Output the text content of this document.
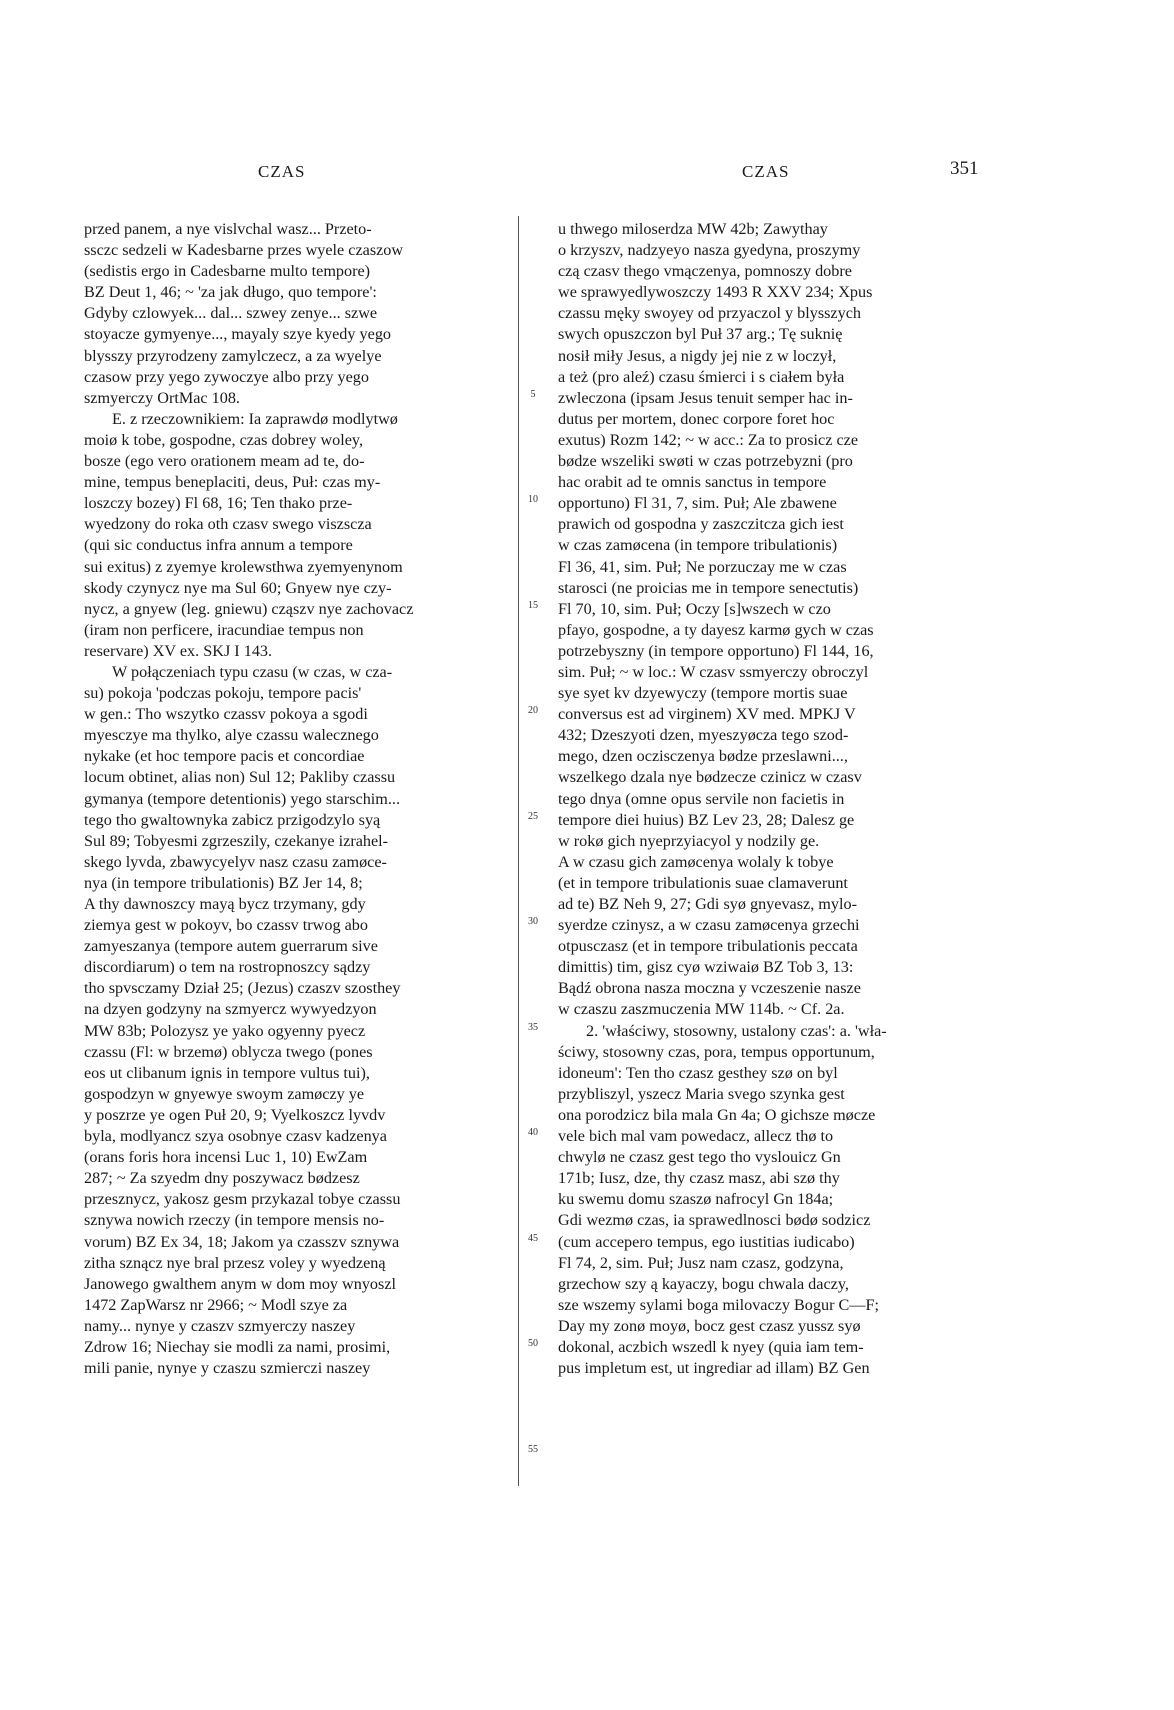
CZAS	CZAS	351

przed panem, a nye vislvchal wasz... Przeto-
ssczc sedzeli w Kadesbarne przes wyele czaszow
(sedistis ergo in Cadesbarne multo tempore)
BZ Deut 1, 46; ~ 'za jak długo, quo tempore':
Gdyby czlowyek... dal... szwey zenye... szwe
stoyacze gymyenye..., mayaly szye kyedy yego
blysszy przyrodzeny zamylczecz, a za wyelye
czasow przy yego zywoczye albo przy yego
szmyerczy OrtMac 108.

E. z rzeczownikiem: Ia zaprawdø modlytwø
moiø k tobe, gospodne, czas dobrey woley,
bosze (ego vero orationem meam ad te, do-
mine, tempus beneplaciti, deus, Puł: czas my-
loszczy bozey) Fl 68, 16; Ten thako prze-
wyedzony do roka oth czasv swego viszscza
(qui sic conductus infra annum a tempore
sui exitus) z zyemye krolewsthwa zyemyenynom
skody czynycz nye ma Sul 60; Gnyew nye czy-
nycz, a gnyew (leg. gniewu) cząszv nye zachovacz
(iram non perficere, iracundiae tempus non
reservare) XV ex. SKJ I 143.

W połączeniach typu czasu (w czas, w cza-
su) pokoja 'podczas pokoju, tempore pacis'
w gen.: Tho wszytko czassv pokoya a sgodi
myesczye ma thylko, alye czassu walecznego
nykake (et hoc tempore pacis et concordiae
locum obtinet, alias non) Sul 12; Pakliby czassu
gymanya (tempore detentionis) yego starschim...
tego tho gwaltownyka zabicz przigodzylo syą
Sul 89; Tobyesmi zgrzeszily, czekanye izrahel-
skego lyvda, zbawycyelyv nasz czasu zamøce-
nya (in tempore tribulationis) BZ Jer 14, 8;
A thy dawnoszcy mayą bycz trzymany, gdy
ziemya gest w pokoyv, bo czassv trwog abo
zamyeszanya (tempore autem guerrarum sive
discordiarum) o tem na rostropnoszcy sądzy
tho spvsczamy Dział 25; (Jezus) czaszv szosthey
na dzyen godzyny na szmyercz wywyedzyon
MW 83b; Polozysz ye yako ogyenny pyecz
czassu (Fl: w brzemø) oblycza twego (pones
eos ut clibanum ignis in tempore vultus tui),
gospodzyn w gnyewye swoym zamøczy ye
y poszrze ye ogen Puł 20, 9; Vyelkoszcz lyvdv
byla, modlyancz szya osobnye czasv kadzenya
(orans foris hora incensi Luc 1, 10) EwZam
287; ~ Za szyedm dny poszywacz bødzesz
przesznycz, yakosz gesm przykazal tobye czassu
sznywa nowich rzeczy (in tempore mensis no-
vorum) BZ Ex 34, 18; Jakom ya czasszv sznywa
zitha sznącz nye bral przesz voley y wyedzeną
Janowego gwalthem anym w dom moy wnyoszl
1472 ZapWarsz nr 2966; ~ Modl szye za
namy... nynye y czaszv szmyerczy naszey
Zdrow 16; Niechay sie modli za nami, prosimi,
mili panie, nynye y czaszu szmierczi naszey

5
10
15
20
25
30
35
40
45
50
55

u thwego miloserdza MW 42b; Zawythay
o krzyszv, nadzyeyo nasza gyedyna, proszymy
czą czasv thego vmączenya, pomnoszy dobre
we sprawyedlywoszczy 1493 R XXV 234; Xpus
czassu męky swoyey od przyaczol y blysszych
swych opuszczon byl Puł 37 arg.; Tę suknię
nosił miły Jesus, a nigdy jej nie z w loczył,
a też (pro aleź) czasu śmierci i s ciałem była
zwleczona (ipsam Jesus tenuit semper hac in-
dutus per mortem, donec corpore foret hoc
exutus) Rozm 142; ~ w acc.: Za to prosicz cze
bødze wszeliki swøti w czas potrzebyzni (pro
hac orabit ad te omnis sanctus in tempore
opportuno) Fl 31, 7, sim. Puł; Ale zbawene
prawich od gospodna y zaszczitcza gich iest
w czas zamøcena (in tempore tribulationis)
Fl 36, 41, sim. Puł; Ne porzuczay me w czas
starosci (ne proicias me in tempore senectutis)
Fl 70, 10, sim. Puł; Oczy [s]wszech w czo
pfayo, gospodne, a ty dayesz karmø gych w czas
potrzebyszny (in tempore opportuno) Fl 144, 16,
sim. Puł; ~ w loc.: W czasv ssmyerczy obroczyl
sye syet kv dzyewyczy (tempore mortis suae
conversus est ad virginem) XV med. MPKJ V
432; Dzeszyoti dzen, myeszyøcza tego szod-
mego, dzen oczisczenya bødze przeslawni...,
wszelkego dzala nye bødzecze czinicz w czasv
tego dnya (omne opus servile non facietis in
tempore diei huius) BZ Lev 23, 28; Dalesz ge
w rokø gich nyeprzyiacyol y nodzily ge.
A w czasu gich zamøcenya wolaly k tobye
(et in tempore tribulationis suae clamaverunt
ad te) BZ Neh 9, 27; Gdi syø gnyevasz, mylo-
syerdze czinysz, a w czasu zamøcenya grzechi
otpusczasz (et in tempore tribulationis peccata
dimittis) tim, gisz cyø wziwaiø BZ Tob 3, 13:
Bądź obrona nasza moczna y vczeszenie nasze
w czaszu zaszmuczenia MW 114b. ~ Cf. 2a.

2. 'właściwy, stosowny, ustalony czas': a. 'wła-
ściwy, stosowny czas, pora, tempus opportunum,
idoneum': Ten tho czasz gesthey szø on byl
przybliszyl, yszecz Maria svego szynka gest
ona porodzicz bila mala Gn 4a; O gichsze møcze
vele bich mal vam powedacz, allecz thø to
chwylø ne czasz gest tego tho vyslouicz Gn
171b; Iusz, dze, thy czasz masz, abi szø thy
ku swemu domu szaszø nafrocyl Gn 184a;
Gdi wezmø czas, ia sprawedlnosci bødø sodzicz
(cum accepero tempus, ego iustitias iudicabo)
Fl 74, 2, sim. Puł; Jusz nam czasz, godzyna,
grzechow szy ą kayaczy, bogu chwala daczy,
sze wszemy sylami boga milovaczy Bogur C—F;
Day my zonø moyø, bocz gest czasz yussz syø
dokonal, aczbich wszedl k nyey (quia iam tem-
pus impletum est, ut ingrediar ad illam) BZ Gen
